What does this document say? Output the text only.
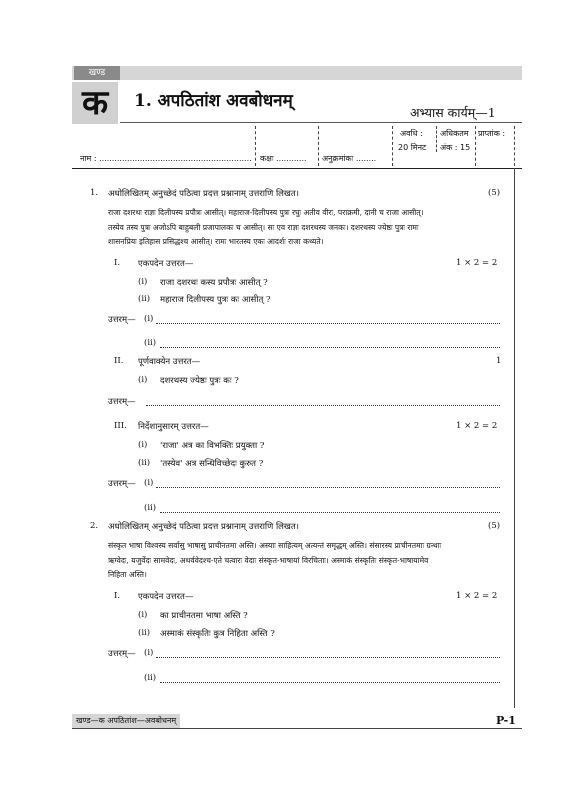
खण्ड
क	1. अपठितांश अवबोधनम्
अभ्यास कार्यम्—1
अवधि :
20 मिनट
अधिकतम
अंक : 15
प्राप्तांक :
नाम : ............................................................ कक्षः ............ अनुक्रमांकः ........
1. अधोलिखितम् अनुच्छेदं पठित्वा प्रदत्त प्रश्नानाम् उत्तराणि लिखत।	(5)
राजा दशरथः राज्ञः दिलीपस्य प्रपौत्रः आसीत्। महाराज-दिलीपस्य पुत्रः रघुः अतीव वीरः, पराक्रमी, दानी च राजा आसीत्।
तस्येव तस्य पुत्रः अजोऽपि बाहुबली प्रजापालकः च आसीत्। सः एव राज्ञः दशरथस्य जनकः। दशरथस्य ज्येष्ठः पुत्रः रामः
शासनप्रियः इतिहास प्रसिद्धश्च आसीत्। रामः भारतस्य एकः आदर्शः राजा कथ्यते।
I. एकपदेन उत्तरत—	1 × 2 = 2
(i) राजा दशरथः कस्य प्रपौत्रः आसीत् ?
(ii) महाराज दिलीपस्य पुत्रः कः आसीत् ?
उत्तरम्— (i)
(ii)
II. पूर्णवाक्येन उत्तरत—	1
(i) दशरथस्य ज्येष्ठः पुत्रः कः ?
उत्तरम्—
III. निर्देशानुसारम् उत्तरत—	1 × 2 = 2
(i) 'राजा' अत्र का विभक्तिः प्रयुक्ता ?
(ii) 'तस्येव' अत्र सन्धिविच्छेदः कुरुत ?
उत्तरम्— (i)
(ii)
2. अधोलिखितम् अनुच्छेदं पठित्वा प्रदत्त प्रश्नानाम् उत्तराणि लिखत।	(5)
संस्कृत भाषा विश्वस्य सर्वासु भाषासु प्राचीनतमा अस्ति। अस्याः साहित्यम् अत्यन्तं समृद्धम् अस्ति। संसारस्य प्राचीनतमाः ग्रन्थाः
ऋग्वेदः, यजुर्वेदः सामवेदः, अथर्ववेदश्च-एते चत्वारः वेदाः संस्कृत-भाषायां विरचिताः। अस्माकं संस्कृतिः संस्कृत-भाषायामेव
निहिता अस्ति।
I. एकपदेन उत्तरत—	1 × 2 = 2
(i) का प्राचीनतमा भाषा अस्ति ?
(ii) अस्माकं संस्कृतिः कुत्र निहिता अस्ति ?
उत्तरम्— (i)
(ii)
खण्ड—क अपठितांश—अवबोधनम्	P-1
